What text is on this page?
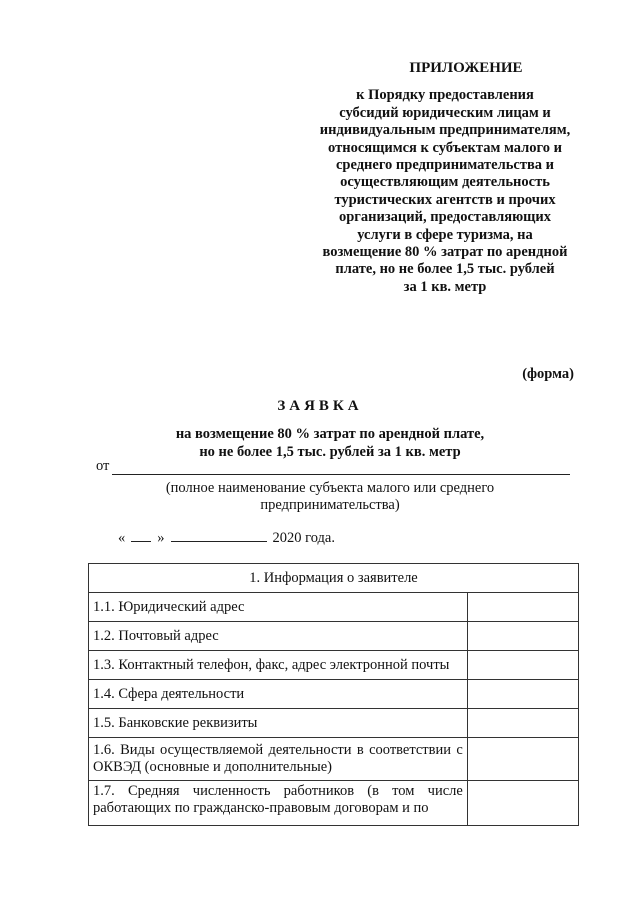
ПРИЛОЖЕНИЕ
к Порядку предоставления
субсидий юридическим лицам и
индивидуальным предпринимателям,
относящимся к субъектам малого и
среднего предпринимательства и
осуществляющим деятельность
туристических агентств и прочих
организаций, предоставляющих
услуги в сфере туризма, на
возмещение 80 % затрат по арендной
плате, но не более 1,5 тыс. рублей
за 1 кв. метр
(форма)
ЗАЯВКА
на возмещение 80 % затрат по арендной плате,
но не более 1,5 тыс. рублей за 1 кв. метр
от
(полное наименование субъекта малого или среднего
предпринимательства)
« »	2020 года.
1. Информация о заявителе	
1.1. Юридический адрес	
1.2. Почтовый адрес	
1.3. Контактный телефон, факс, адрес электронной почты	
1.4. Сфера деятельности	
1.5. Банковские реквизиты	
1.6. Виды осуществляемой деятельности в соответствии с ОКВЭД (основные и дополнительные)	
1.7. Средняя численность работников (в том числе работающих по гражданско-правовым договорам и по	
